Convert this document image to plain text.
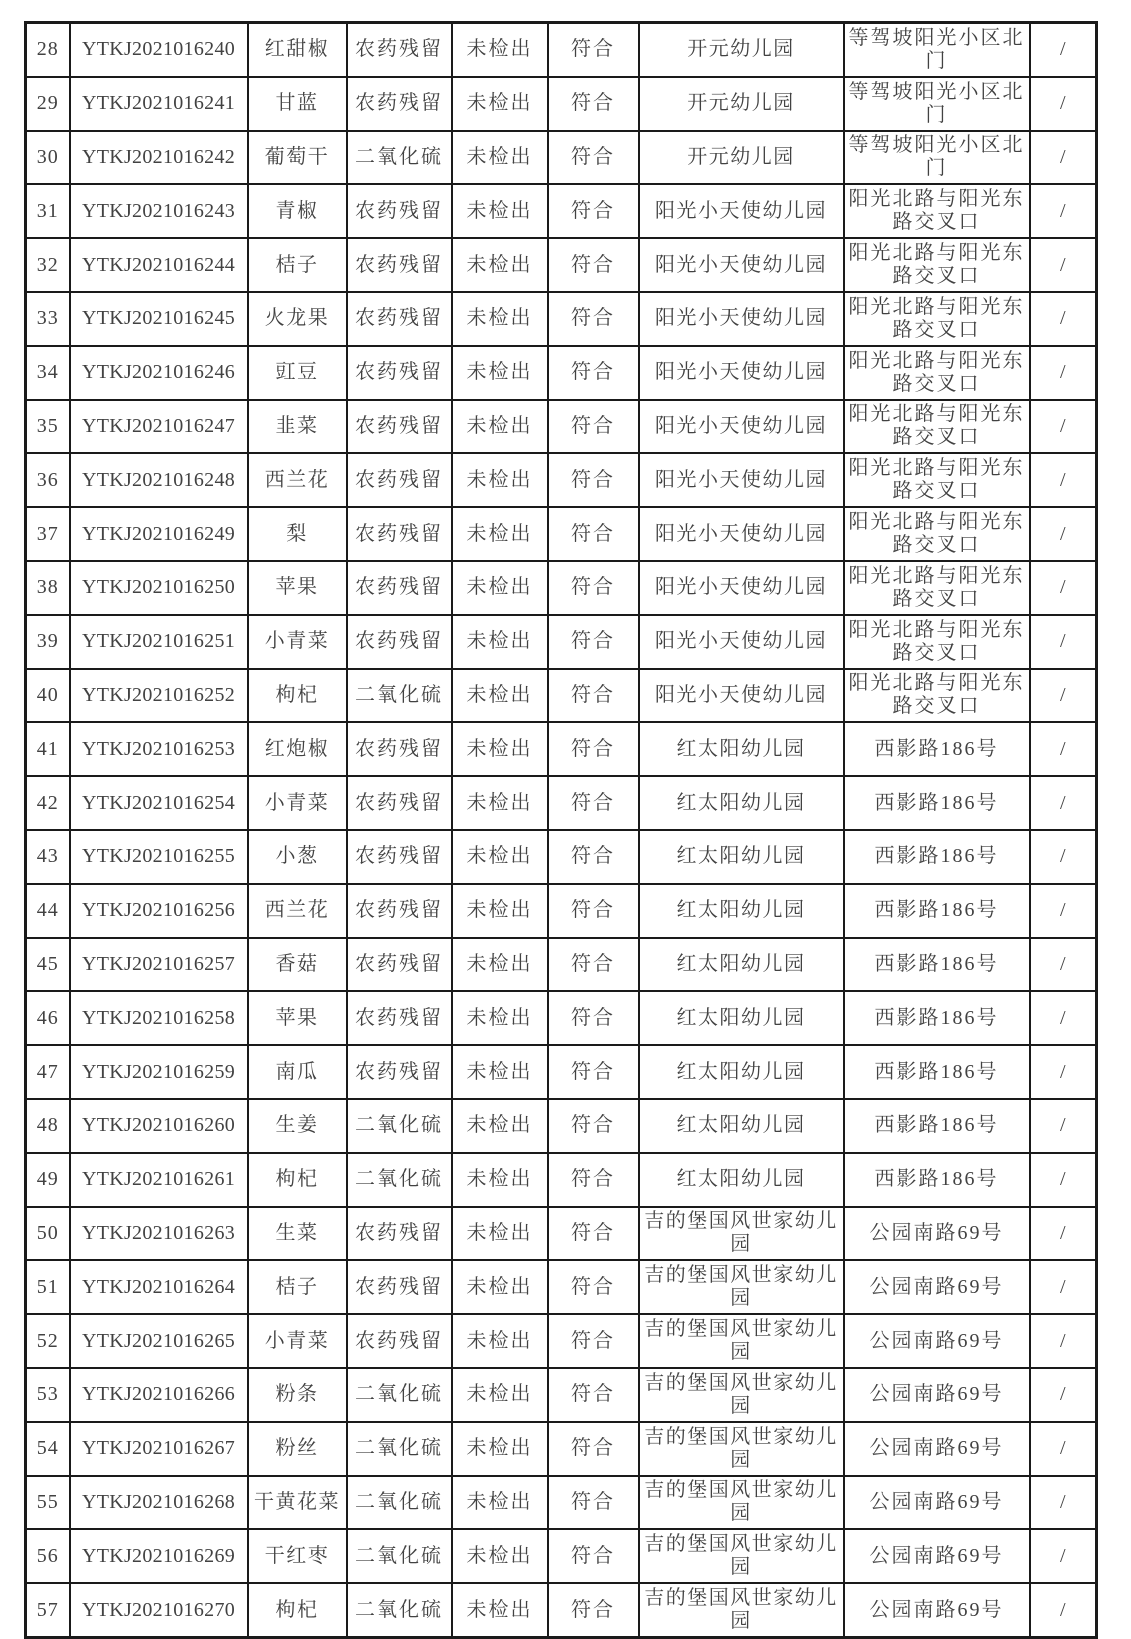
28	YTKJ2021016240	红甜椒	农药残留	未检出	符合	开元幼儿园	等驾坡阳光小区北门	/
29	YTKJ2021016241	甘蓝	农药残留	未检出	符合	开元幼儿园	等驾坡阳光小区北门	/
30	YTKJ2021016242	葡萄干	二氧化硫	未检出	符合	开元幼儿园	等驾坡阳光小区北门	/
31	YTKJ2021016243	青椒	农药残留	未检出	符合	阳光小天使幼儿园	阳光北路与阳光东路交叉口	/
32	YTKJ2021016244	桔子	农药残留	未检出	符合	阳光小天使幼儿园	阳光北路与阳光东路交叉口	/
33	YTKJ2021016245	火龙果	农药残留	未检出	符合	阳光小天使幼儿园	阳光北路与阳光东路交叉口	/
34	YTKJ2021016246	豇豆	农药残留	未检出	符合	阳光小天使幼儿园	阳光北路与阳光东路交叉口	/
35	YTKJ2021016247	韭菜	农药残留	未检出	符合	阳光小天使幼儿园	阳光北路与阳光东路交叉口	/
36	YTKJ2021016248	西兰花	农药残留	未检出	符合	阳光小天使幼儿园	阳光北路与阳光东路交叉口	/
37	YTKJ2021016249	梨	农药残留	未检出	符合	阳光小天使幼儿园	阳光北路与阳光东路交叉口	/
38	YTKJ2021016250	苹果	农药残留	未检出	符合	阳光小天使幼儿园	阳光北路与阳光东路交叉口	/
39	YTKJ2021016251	小青菜	农药残留	未检出	符合	阳光小天使幼儿园	阳光北路与阳光东路交叉口	/
40	YTKJ2021016252	枸杞	二氧化硫	未检出	符合	阳光小天使幼儿园	阳光北路与阳光东路交叉口	/
41	YTKJ2021016253	红炮椒	农药残留	未检出	符合	红太阳幼儿园	西影路186号	/
42	YTKJ2021016254	小青菜	农药残留	未检出	符合	红太阳幼儿园	西影路186号	/
43	YTKJ2021016255	小葱	农药残留	未检出	符合	红太阳幼儿园	西影路186号	/
44	YTKJ2021016256	西兰花	农药残留	未检出	符合	红太阳幼儿园	西影路186号	/
45	YTKJ2021016257	香菇	农药残留	未检出	符合	红太阳幼儿园	西影路186号	/
46	YTKJ2021016258	苹果	农药残留	未检出	符合	红太阳幼儿园	西影路186号	/
47	YTKJ2021016259	南瓜	农药残留	未检出	符合	红太阳幼儿园	西影路186号	/
48	YTKJ2021016260	生姜	二氧化硫	未检出	符合	红太阳幼儿园	西影路186号	/
49	YTKJ2021016261	枸杞	二氧化硫	未检出	符合	红太阳幼儿园	西影路186号	/
50	YTKJ2021016263	生菜	农药残留	未检出	符合	吉的堡国风世家幼儿园	公园南路69号	/
51	YTKJ2021016264	桔子	农药残留	未检出	符合	吉的堡国风世家幼儿园	公园南路69号	/
52	YTKJ2021016265	小青菜	农药残留	未检出	符合	吉的堡国风世家幼儿园	公园南路69号	/
53	YTKJ2021016266	粉条	二氧化硫	未检出	符合	吉的堡国风世家幼儿园	公园南路69号	/
54	YTKJ2021016267	粉丝	二氧化硫	未检出	符合	吉的堡国风世家幼儿园	公园南路69号	/
55	YTKJ2021016268	干黄花菜	二氧化硫	未检出	符合	吉的堡国风世家幼儿园	公园南路69号	/
56	YTKJ2021016269	干红枣	二氧化硫	未检出	符合	吉的堡国风世家幼儿园	公园南路69号	/
57	YTKJ2021016270	枸杞	二氧化硫	未检出	符合	吉的堡国风世家幼儿园	公园南路69号	/
